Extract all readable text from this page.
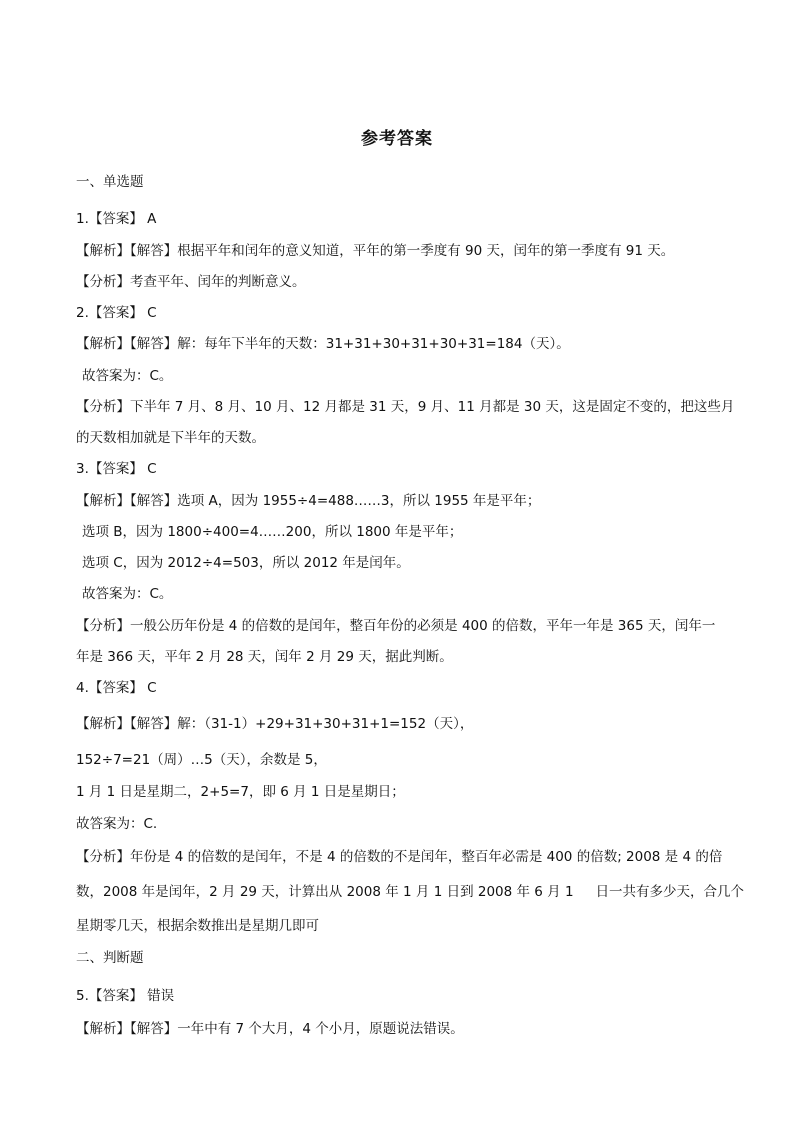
参考答案
一、单选题
1.【答案】 A
【解析】【解答】根据平年和闰年的意义知道，平年的第一季度有 90 天，闰年的第一季度有 91 天。
【分析】考查平年、闰年的判断意义。
2.【答案】 C
【解析】【解答】解：每年下半年的天数：31+31+30+31+30+31=184（天）。
故答案为：C。
【分析】下半年 7 月、8 月、10 月、12 月都是 31 天，9 月、11 月都是 30 天，这是固定不变的，把这些月
的天数相加就是下半年的天数。
3.【答案】 C
【解析】【解答】选项 A，因为 1955÷4=488……3，所以 1955 年是平年；
选项 B，因为 1800÷400=4……200，所以 1800 年是平年；
选项 C，因为 2012÷4=503，所以 2012 年是闰年。
故答案为：C。
【分析】一般公历年份是 4 的倍数的是闰年，整百年份的必须是 400 的倍数，平年一年是 365 天，闰年一
年是 366 天，平年 2 月 28 天，闰年 2 月 29 天，据此判断。
4.【答案】 C
【解析】【解答】解：（31-1）+29+31+30+31+1=152（天），
152÷7=21（周）…5（天），余数是 5，
1 月 1 日是星期二，2+5=7，即 6 月 1 日是星期日；
故答案为：C.
【分析】年份是 4 的倍数的是闰年，不是 4 的倍数的不是闰年，整百年必需是 400 的倍数; 2008 是 4 的倍
数，2008 年是闰年，2 月 29 天，计算出从 2008 年 1 月 1 日到 2008 年 6 月 1 日一共有多少天，合几个
星期零几天，根据余数推出是星期几即可
二、判断题
5.【答案】 错误
【解析】【解答】一年中有 7 个大月，4 个小月，原题说法错误。
